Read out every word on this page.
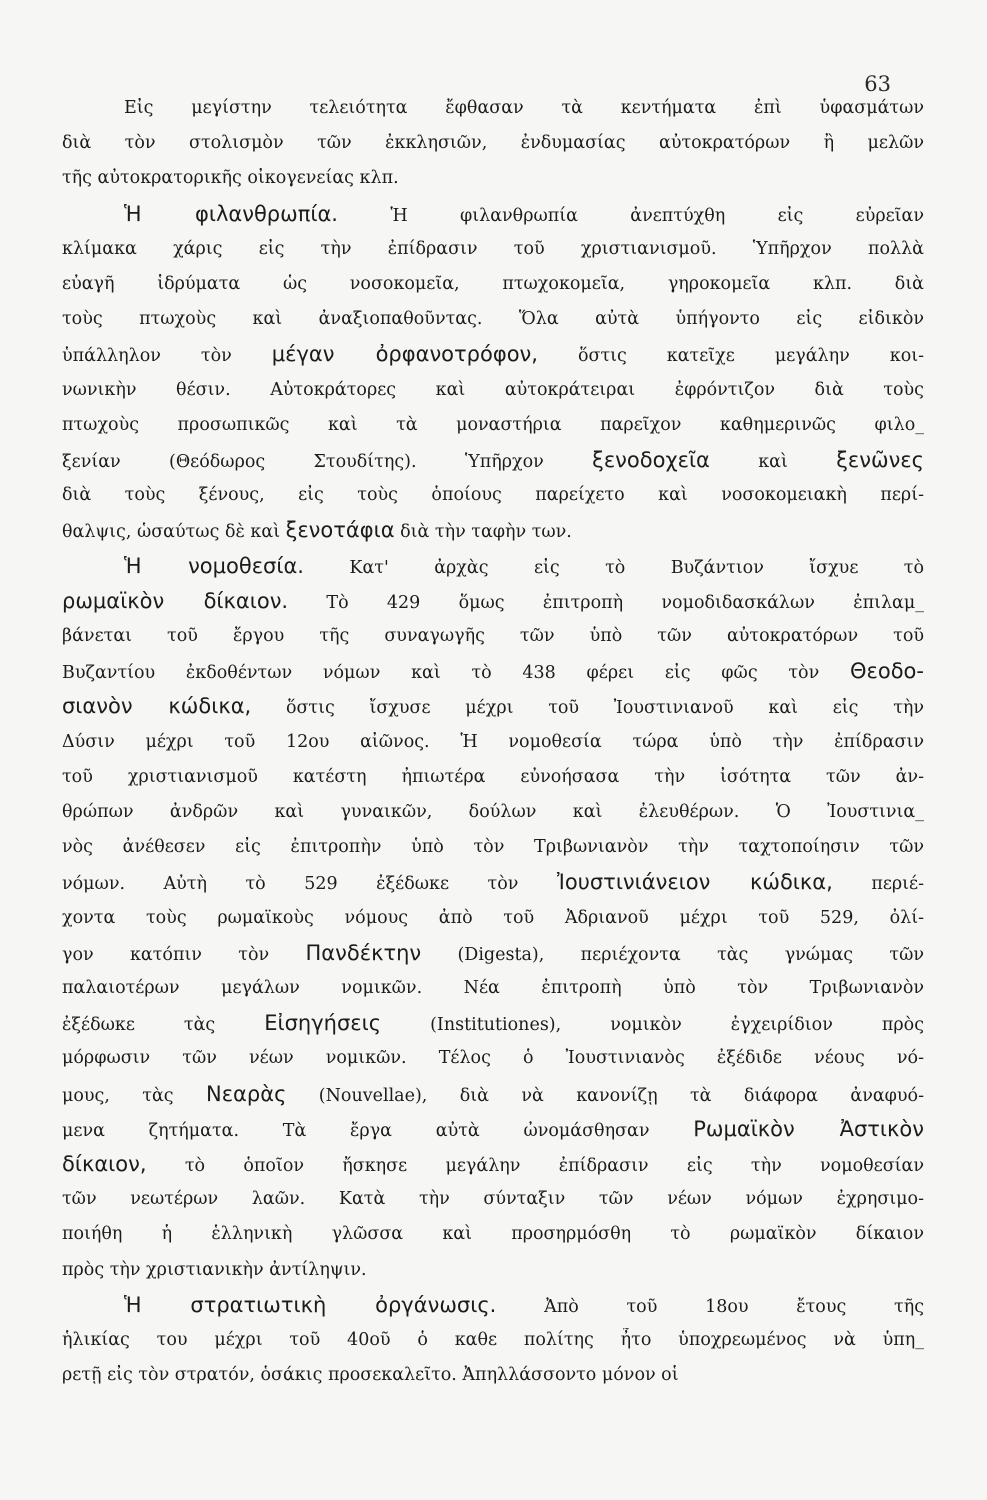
63
Εἰς μεγίστην τελειότητα ἔφθασαν τὰ κεντήματα ἐπὶ ὑφασμάτων
διὰ τὸν στολισμὸν τῶν ἐκκλησιῶν, ἐνδυμασίας αὐτοκρατόρων ἢ μελῶν
τῆς αὐτοκρατορικῆς οἰκογενείας κλπ.
Ἡ φιλανθρωπία. Ἡ φιλανθρωπία ἀνεπτύχθη εἰς εὐρεῖαν
κλίμακα χάρις εἰς τὴν ἐπίδρασιν τοῦ χριστιανισμοῦ. Ὑπῆρχον πολλὰ
εὐαγῆ ἱδρύματα ὡς νοσοκομεῖα, πτωχοκομεῖα, γηροκομεῖα κλπ. διὰ
τοὺς πτωχοὺς καὶ ἀναξιοπαθοῦντας. Ὅλα αὐτὰ ὑπήγοντο εἰς εἰδικὸν
ὑπάλληλον τὸν μέγαν ὀρφανοτρόφον, ὅστις κατεῖχε μεγάλην κοι-
νωνικὴν θέσιν. Αὐτοκράτορες καὶ αὐτοκράτειραι ἐφρόντιζον διὰ τοὺς
πτωχοὺς προσωπικῶς καὶ τὰ μοναστήρια παρεῖχον καθημερινῶς φιλο_
ξενίαν (Θεόδωρος Στουδίτης). Ὑπῆρχον ξενοδοχεῖα καὶ ξενῶνες
διὰ τοὺς ξένους, εἰς τοὺς ὁποίους παρείχετο καὶ νοσοκομειακὴ περί-
θαλψις, ὡσαύτως δὲ καὶ ξενοτάφια διὰ τὴν ταφὴν των.
Ἡ νομοθεσία. Κατ' ἀρχὰς εἰς τὸ Βυζάντιον ἴσχυε τὸ
ρωμαϊκὸν δίκαιον. Τὸ 429 ὅμως ἐπιτροπὴ νομοδιδασκάλων ἐπιλαμ_
βάνεται τοῦ ἔργου τῆς συναγωγῆς τῶν ὑπὸ τῶν αὐτοκρατόρων τοῦ
Βυζαντίου ἐκδοθέντων νόμων καὶ τὸ 438 φέρει εἰς φῶς τὸν Θεοδο-
σιανὸν κώδικα, ὅστις ἴσχυσε μέχρι τοῦ Ἰουστινιανοῦ καὶ εἰς τὴν
Δύσιν μέχρι τοῦ 12ου αἰῶνος. Ἡ νομοθεσία τώρα ὑπὸ τὴν ἐπίδρασιν
τοῦ χριστιανισμοῦ κατέστη ἠπιωτέρα εὐνοήσασα τὴν ἰσότητα τῶν ἀν-
θρώπων ἀνδρῶν καὶ γυναικῶν, δούλων καὶ ἐλευθέρων. Ὁ Ἰουστινια_
νὸς ἀνέθεσεν εἰς ἐπιτροπὴν ὑπὸ τὸν Τριβωνιανὸν τὴν ταχτοποίησιν τῶν
νόμων. Αὐτὴ τὸ 529 ἐξέδωκε τὸν Ἰουστινιάνειον κώδικα, περιέ-
χοντα τοὺς ρωμαϊκοὺς νόμους ἀπὸ τοῦ Ἀδριανοῦ μέχρι τοῦ 529, ὀλί-
γον κατόπιν τὸν Πανδέκτην (Digesta), περιέχοντα τὰς γνώμας τῶν
παλαιοτέρων μεγάλων νομικῶν. Νέα ἐπιτροπὴ ὑπὸ τὸν Τριβωνιανὸν
ἐξέδωκε τὰς Εἰσηγήσεις (Institutiones), νομικὸν ἐγχειρίδιον πρὸς
μόρφωσιν τῶν νέων νομικῶν. Τέλος ὁ Ἰουστινιανὸς ἐξέδιδε νέους νό-
μους, τὰς Νεαρὰς (Nouvellae), διὰ νὰ κανονίζῃ τὰ διάφορα ἀναφυό-
μενα ζητήματα. Τὰ ἔργα αὐτὰ ὠνομάσθησαν Ρωμαϊκὸν Ἀστικὸν
δίκαιον, τὸ ὁποῖον ἤσκησε μεγάλην ἐπίδρασιν εἰς τὴν νομοθεσίαν
τῶν νεωτέρων λαῶν. Κατὰ τὴν σύνταξιν τῶν νέων νόμων ἐχρησιμο-
ποιήθη ἡ ἑλληνικὴ γλῶσσα καὶ προσηρμόσθη τὸ ρωμαϊκὸν δίκαιον
πρὸς τὴν χριστιανικὴν ἀντίληψιν.
Ἡ στρατιωτικὴ ὀργάνωσις. Ἀπὸ τοῦ 18ου ἔτους τῆς
ἡλικίας του μέχρι τοῦ 40οῦ ὁ καθε πολίτης ἦτο ὑποχρεωμένος νὰ ὑπη_
ρετῇ εἰς τὸν στρατόν, ὁσάκις προσεκαλεῖτο. Ἀπηλλάσσοντο μόνον οἱ
